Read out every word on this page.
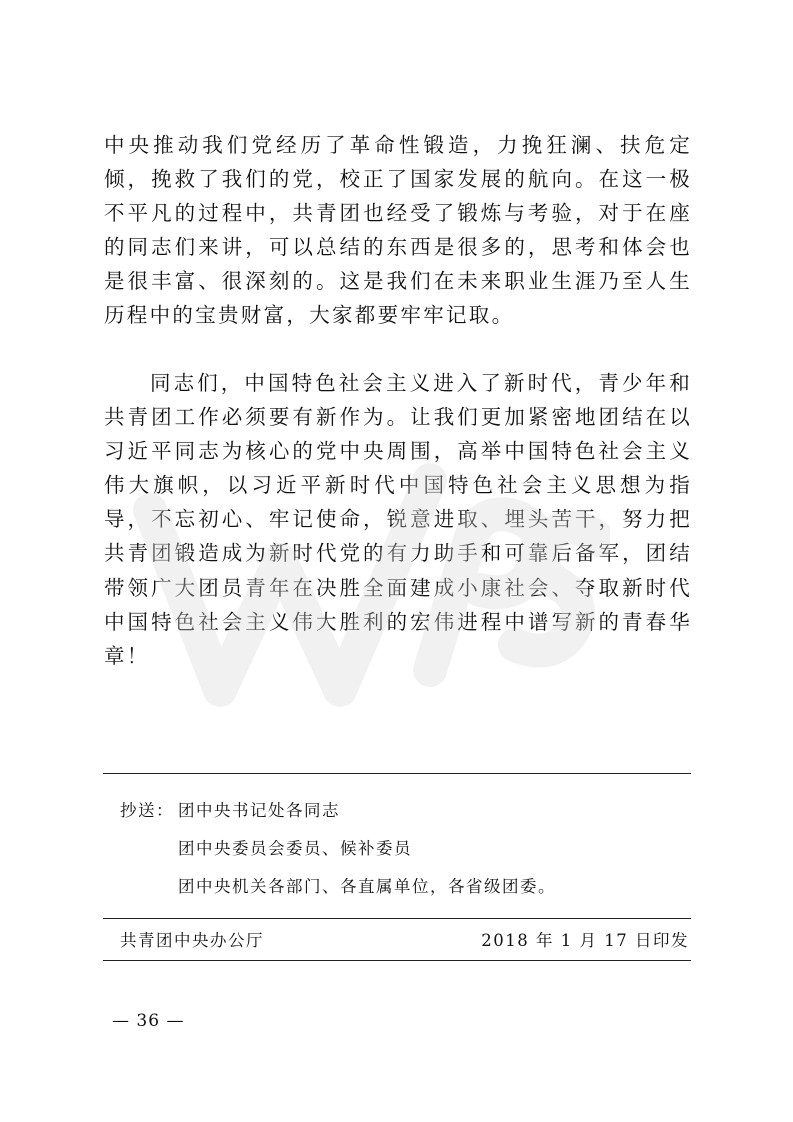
中央推动我们党经历了革命性锻造，力挽狂澜、扶危定倾，挽救了我们的党，校正了国家发展的航向。在这一极不平凡的过程中，共青团也经受了锻炼与考验，对于在座的同志们来讲，可以总结的东西是很多的，思考和体会也是很丰富、很深刻的。这是我们在未来职业生涯乃至人生历程中的宝贵财富，大家都要牢牢记取。
同志们，中国特色社会主义进入了新时代，青少年和共青团工作必须要有新作为。让我们更加紧密地团结在以习近平同志为核心的党中央周围，高举中国特色社会主义伟大旗帜，以习近平新时代中国特色社会主义思想为指导，不忘初心、牢记使命，锐意进取、埋头苦干，努力把共青团锻造成为新时代党的有力助手和可靠后备军，团结带领广大团员青年在决胜全面建成小康社会、夺取新时代中国特色社会主义伟大胜利的宏伟进程中谱写新的青春华章！
抄送： 团中央书记处各同志
团中央委员会委员、候补委员
团中央机关各部门、各直属单位，各省级团委。
共青团中央办公厅	2018 年 1 月 17 日印发
— 36 —
